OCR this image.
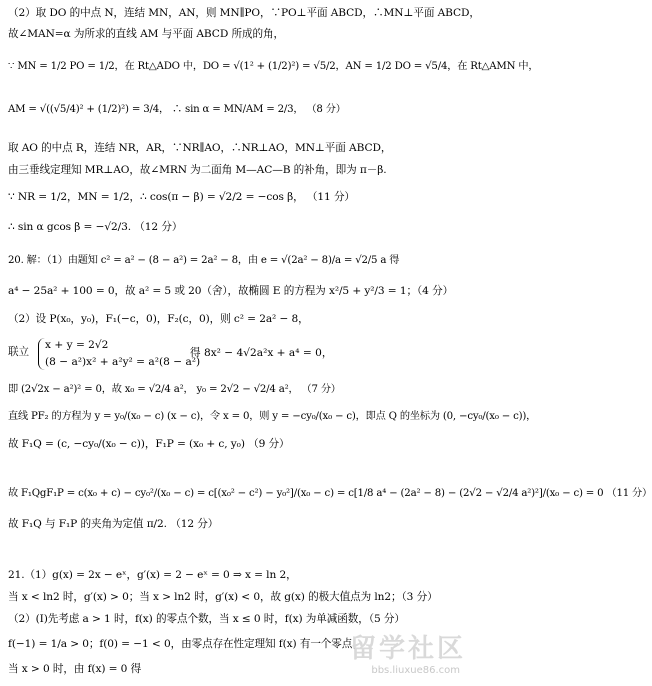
（2）取 DO 的中点 N，连结 MN，AN，则 MN∥PO，∵PO⊥平面 ABCD，∴MN⊥平面 ABCD，
故∠MAN=α 为所求的直线 AM 与平面 ABCD 所成的角，
∵ MN = 1/2 PO = 1/2，在 Rt△ADO 中，DO = √(1² + (1/2)²) = √5/2，AN = 1/2 DO = √5/4，在 Rt△AMN 中，
AM = √((√5/4)² + (1/2)²) = 3/4， ∴ sin α = MN/AM = 2/3， （8 分）
取 AO 的中点 R，连结 NR，AR，∵NR∥AO，∴NR⊥AO，MN⊥平面 ABCD，
由三垂线定理知 MR⊥AO，故∠MRN 为二面角 M—AC—B 的补角，即为 π－β.
∵ NR = 1/2，MN = 1/2，∴ cos(π − β) = √2/2 = −cos β， （11 分）
∴ sin α gcos β = −√2/3. （12 分）
20. 解：（1）由题知 c² = a² − (8 − a²) = 2a² − 8，由 e = √(2a² − 8)/a = √2/5 a 得
a⁴ − 25a² + 100 = 0，故 a² = 5 或 20（舍），故椭圆 E 的方程为 x²/5 + y²/3 = 1；（4 分）
（2）设 P(x₀，y₀)，F₁(−c，0)，F₂(c，0)，则 c² = 2a² − 8，
即 (2√2x − a²)² = 0，故 x₀ = √2/4 a²， y₀ = 2√2 − √2/4 a²， （7 分）
直线 PF₂ 的方程为 y = y₀/(x₀ − c) (x − c)，令 x = 0，则 y = −cy₀/(x₀ − c)，即点 Q 的坐标为 (0, −cy₀/(x₀ − c))，
故 F₁Q = (c, −cy₀/(x₀ − c))，F₁P = (x₀ + c, y₀) （9 分）
故 F₁QgF₁P = c(x₀ + c) − cy₀²/(x₀ − c) = c[(x₀² − c²) − y₀²]/(x₀ − c) = c[1/8 a⁴ − (2a² − 8) − (2√2 − √2/4 a²)²]/(x₀ − c) = 0 （11 分）
故 F₁Q 与 F₁P 的夹角为定值 π/2. （12 分）
21.（1）g(x) = 2x − eˣ，g′(x) = 2 − eˣ = 0 ⇒ x = ln 2，
当 x < ln2 时，g′(x) > 0；当 x > ln2 时，g′(x) < 0，故 g(x) 的极大值点为 ln2；（3 分）
（2）(Ⅰ)先考虑 a > 1 时，f(x) 的零点个数，当 x ≤ 0 时，f(x) 为单减函数，（5 分）
f(−1) = 1/a > 0；f(0) = −1 < 0，由零点存在性定理知 f(x) 有一个零点；
当 x > 0 时，由 f(x) = 0 得
x + y = 2√2
(8 − a²)x² + a²y² = a²(8 − a²)
联立	得 8x² − 4√2a²x + a⁴ = 0，
留学社区
bbs.liuxue86.com
